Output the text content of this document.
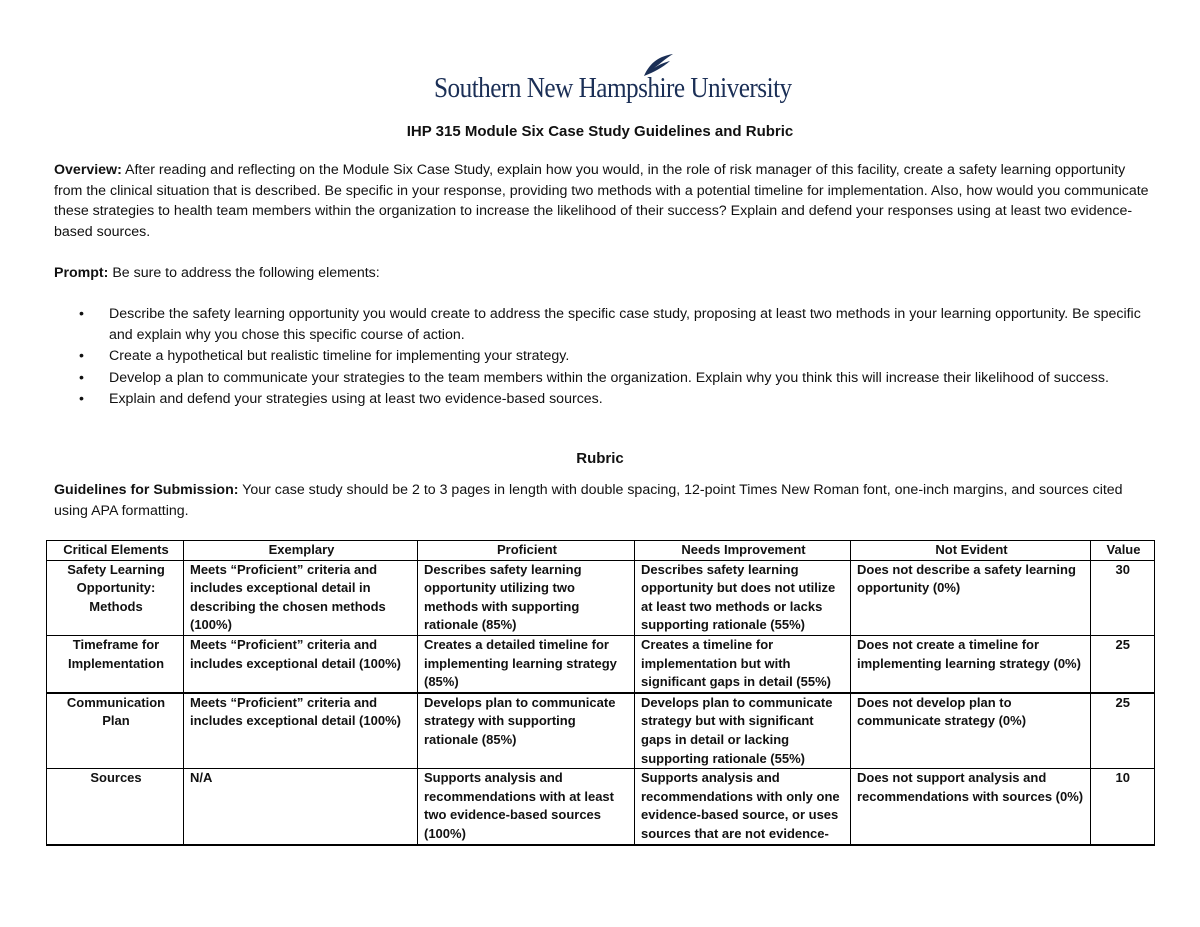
Southern New Hampshire University
IHP 315 Module Six Case Study Guidelines and Rubric
Overview: After reading and reflecting on the Module Six Case Study, explain how you would, in the role of risk manager of this facility, create a safety learning opportunity from the clinical situation that is described. Be specific in your response, providing two methods with a potential timeline for implementation. Also, how would you communicate these strategies to health team members within the organization to increase the likelihood of their success? Explain and defend your responses using at least two evidence-based sources.
Prompt: Be sure to address the following elements:
• Describe the safety learning opportunity you would create to address the specific case study, proposing at least two methods in your learning opportunity. Be specific and explain why you chose this specific course of action.
• Create a hypothetical but realistic timeline for implementing your strategy.
• Develop a plan to communicate your strategies to the team members within the organization. Explain why you think this will increase their likelihood of success.
• Explain and defend your strategies using at least two evidence-based sources.
Rubric
Guidelines for Submission: Your case study should be 2 to 3 pages in length with double spacing, 12-point Times New Roman font, one-inch margins, and sources cited using APA formatting.
Critical Elements	Exemplary	Proficient	Needs Improvement	Not Evident	Value
Safety Learning Opportunity: Methods	Meets “Proficient” criteria and includes exceptional detail in describing the chosen methods (100%)	Describes safety learning opportunity utilizing two methods with supporting rationale (85%)	Describes safety learning opportunity but does not utilize at least two methods or lacks supporting rationale (55%)	Does not describe a safety learning opportunity (0%)	30
Timeframe for Implementation	Meets “Proficient” criteria and includes exceptional detail (100%)	Creates a detailed timeline for implementing learning strategy (85%)	Creates a timeline for implementation but with significant gaps in detail (55%)	Does not create a timeline for implementing learning strategy (0%)	25
Communication Plan	Meets “Proficient” criteria and includes exceptional detail (100%)	Develops plan to communicate strategy with supporting rationale (85%)	Develops plan to communicate strategy but with significant gaps in detail or lacking supporting rationale (55%)	Does not develop plan to communicate strategy (0%)	25
Sources	N/A	Supports analysis and recommendations with at least two evidence-based sources (100%)	Supports analysis and recommendations with only one evidence-based source, or uses sources that are not evidence-	Does not support analysis and recommendations with sources (0%)	10
